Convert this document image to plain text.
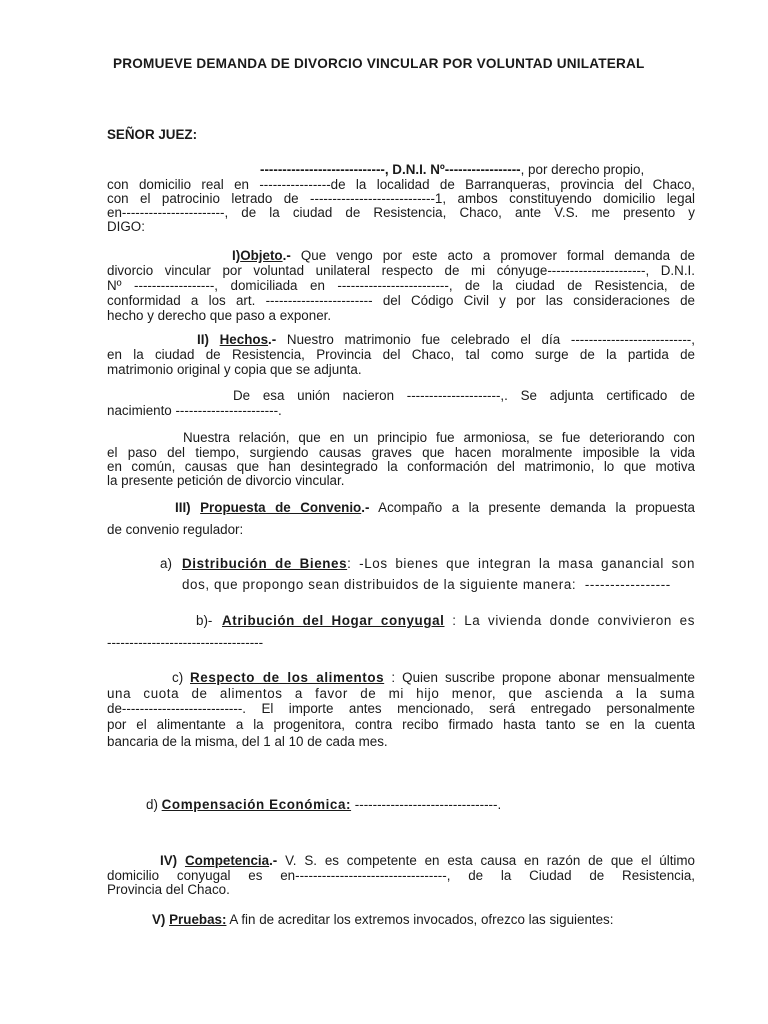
PROMUEVE DEMANDA DE DIVORCIO VINCULAR POR VOLUNTAD UNILATERAL
SEÑOR JUEZ:
----------------------------, D.N.I. Nº-----------------, por derecho propio,
con domicilio real en ----------------de la localidad de Barranqueras, provincia del Chaco,
con el patrocinio letrado de ----------------------------1, ambos constituyendo domicilio legal
en-----------------------, de la ciudad de Resistencia, Chaco, ante V.S. me presento y
DIGO:
I)Objeto.- Que vengo por este acto a promover formal demanda de
divorcio vincular por voluntad unilateral respecto de mi cónyuge----------------------, D.N.I.
Nº ------------------, domiciliada en -------------------------, de la ciudad de Resistencia, de
conformidad a los art. ------------------------ del Código Civil y por las consideraciones de
hecho y derecho que paso a exponer.
II) Hechos.- Nuestro matrimonio fue celebrado el día ---------------------------,
en la ciudad de Resistencia, Provincia del Chaco, tal como surge de la partida de
matrimonio original y copia que se adjunta.
De esa unión nacieron ---------------------,. Se adjunta certificado de
nacimiento -----------------------.
Nuestra relación, que en un principio fue armoniosa, se fue deteriorando con
el paso del tiempo, surgiendo causas graves que hacen moralmente imposible la vida
en común, causas que han desintegrado la conformación del matrimonio, lo que motiva
la presente petición de divorcio vincular.
III) Propuesta de Convenio.- Acompaño a la presente demanda la propuesta
de convenio regulador:
a) Distribución de Bienes: -Los bienes que integran la masa ganancial son
dos, que propongo sean distribuidos de la siguiente manera:  -----------------
b)- Atribución del Hogar conyugal : La vivienda donde convivieron es
-----------------------------------
c) Respecto de los alimentos : Quien suscribe propone abonar mensualmente
una cuota de alimentos a favor de mi hijo menor, que ascienda a la suma
de---------------------------. El importe antes mencionado, será entregado personalmente
por el alimentante a la progenitora, contra recibo firmado hasta tanto se en la cuenta
bancaria de la misma, del 1 al 10 de cada mes.
d) Compensación Económica: --------------------------------.
IV) Competencia.- V. S. es competente en esta causa en razón de que el último
domicilio conyugal es en----------------------------------, de la Ciudad de Resistencia,
Provincia del Chaco.
V) Pruebas: A fin de acreditar los extremos invocados, ofrezco las siguientes:
